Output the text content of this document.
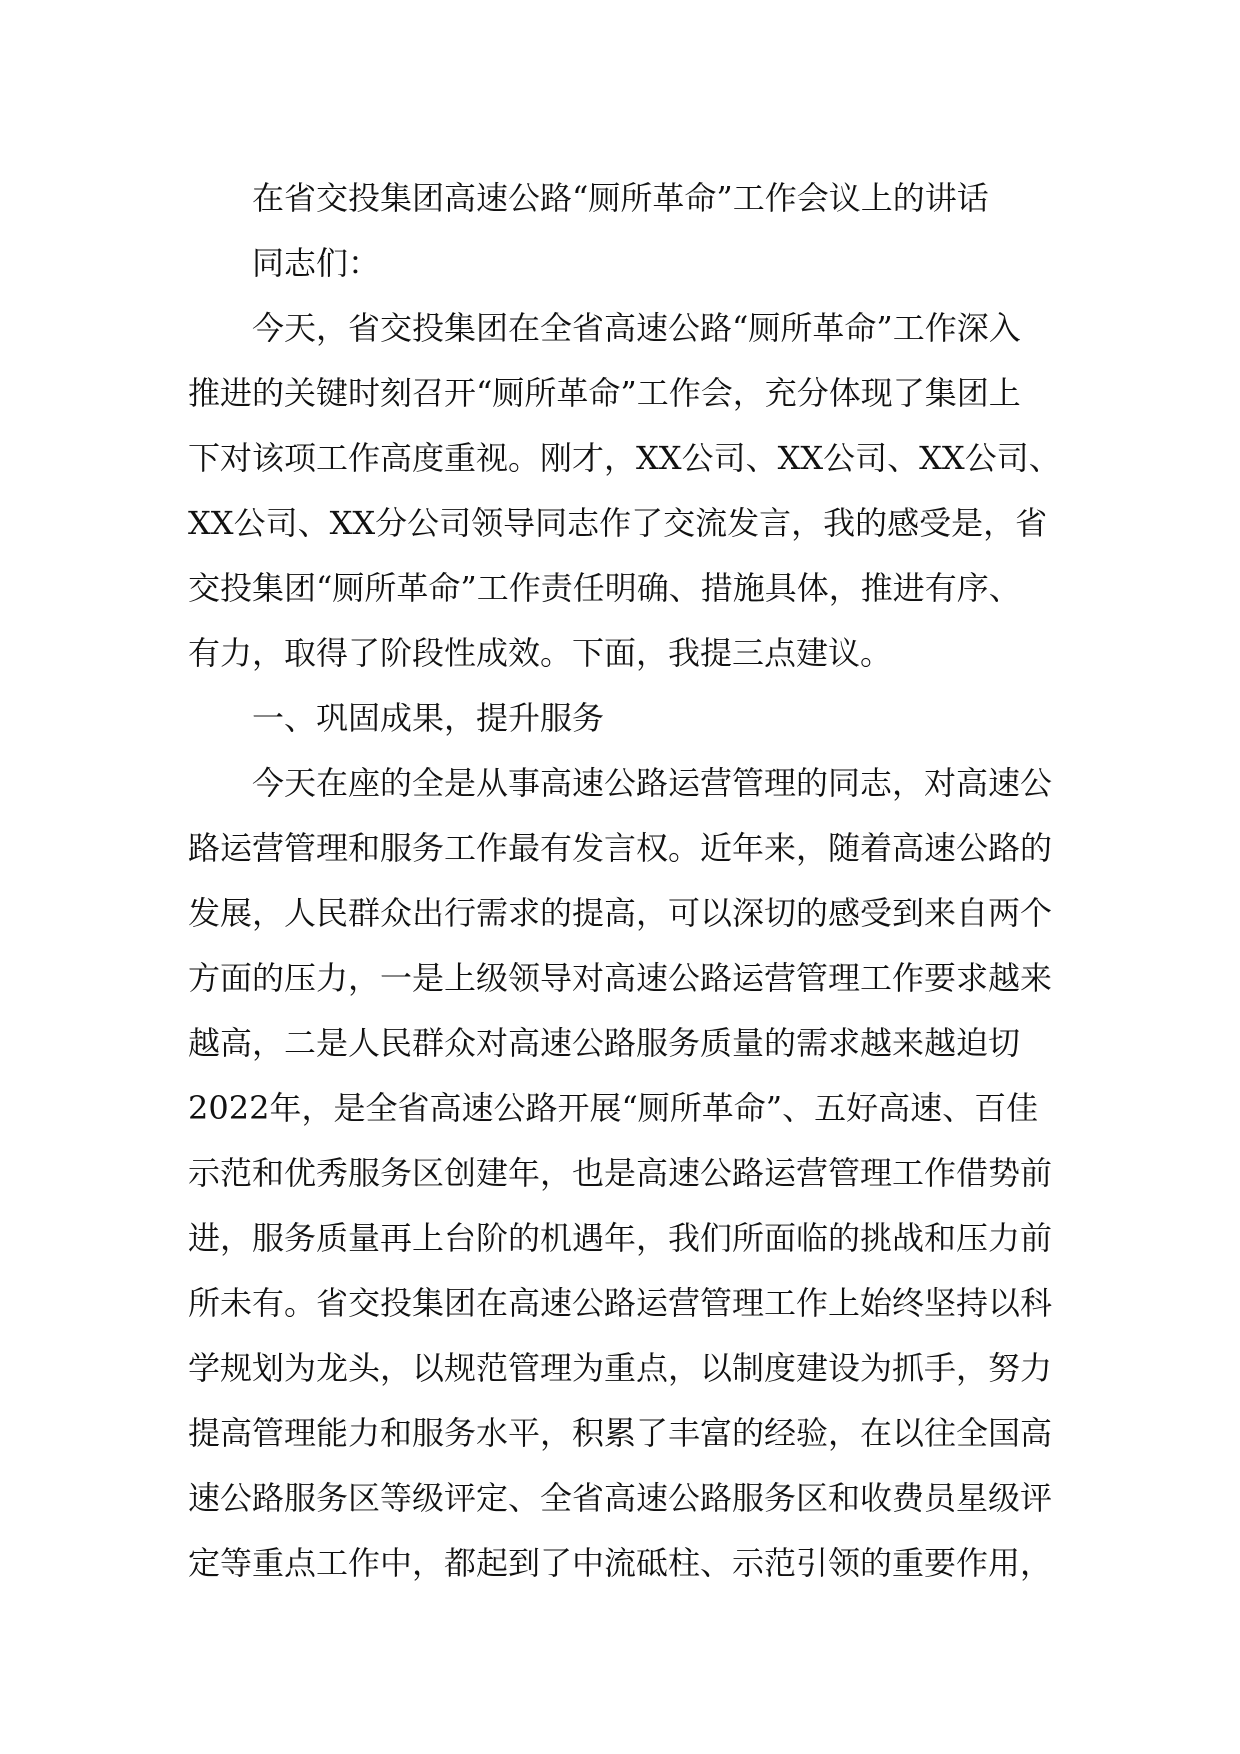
在省交投集团高速公路“厕所革命”工作会议上的讲话
同志们：
今天，省交投集团在全省高速公路“厕所革命”工作深入
推进的关键时刻召开“厕所革命”工作会，充分体现了集团上
下对该项工作高度重视。刚才，XX公司、XX公司、XX公司、
XX公司、XX分公司领导同志作了交流发言，我的感受是，省
交投集团“厕所革命”工作责任明确、措施具体，推进有序、
有力，取得了阶段性成效。下面，我提三点建议。
一、巩固成果，提升服务
今天在座的全是从事高速公路运营管理的同志，对高速公
路运营管理和服务工作最有发言权。近年来，随着高速公路的
发展，人民群众出行需求的提高，可以深切的感受到来自两个
方面的压力，一是上级领导对高速公路运营管理工作要求越来
越高，二是人民群众对高速公路服务质量的需求越来越迫切
2022年，是全省高速公路开展“厕所革命”、五好高速、百佳
示范和优秀服务区创建年，也是高速公路运营管理工作借势前
进，服务质量再上台阶的机遇年，我们所面临的挑战和压力前
所未有。省交投集团在高速公路运营管理工作上始终坚持以科
学规划为龙头，以规范管理为重点，以制度建设为抓手，努力
提高管理能力和服务水平，积累了丰富的经验，在以往全国高
速公路服务区等级评定、全省高速公路服务区和收费员星级评
定等重点工作中，都起到了中流砥柱、示范引领的重要作用，
